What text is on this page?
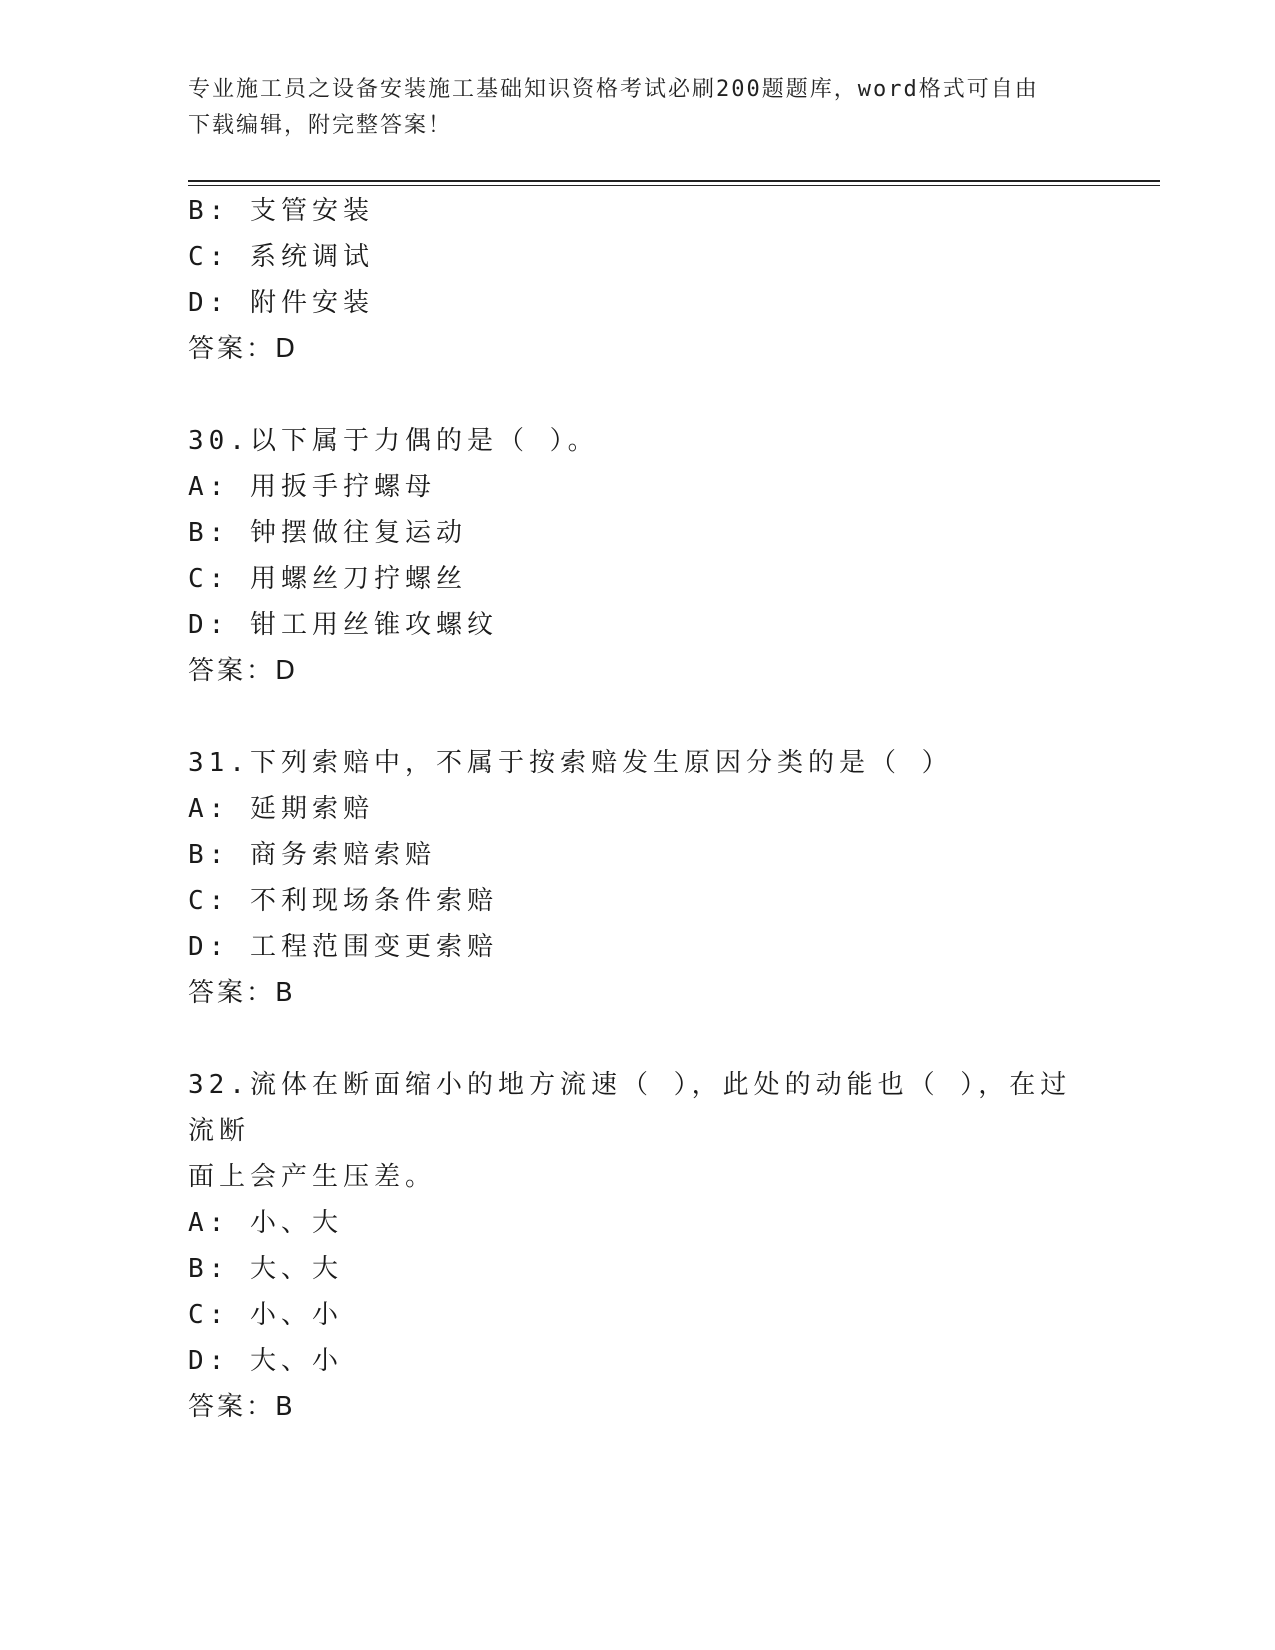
专业施工员之设备安装施工基础知识资格考试必刷200题题库，word格式可自由
下载编辑，附完整答案！
B: 支管安装
C: 系统调试
D: 附件安装
答案：D
30.以下属于力偶的是（ ）。
A: 用扳手拧螺母
B: 钟摆做往复运动
C: 用螺丝刀拧螺丝
D: 钳工用丝锥攻螺纹
答案：D
31.下列索赔中，不属于按索赔发生原因分类的是（ ）
A: 延期索赔
B: 商务索赔索赔
C: 不利现场条件索赔
D: 工程范围变更索赔
答案：B
32.流体在断面缩小的地方流速（ ），此处的动能也（ ），在过流断
面上会产生压差。
A: 小、大
B: 大、大
C: 小、小
D: 大、小
答案：B
